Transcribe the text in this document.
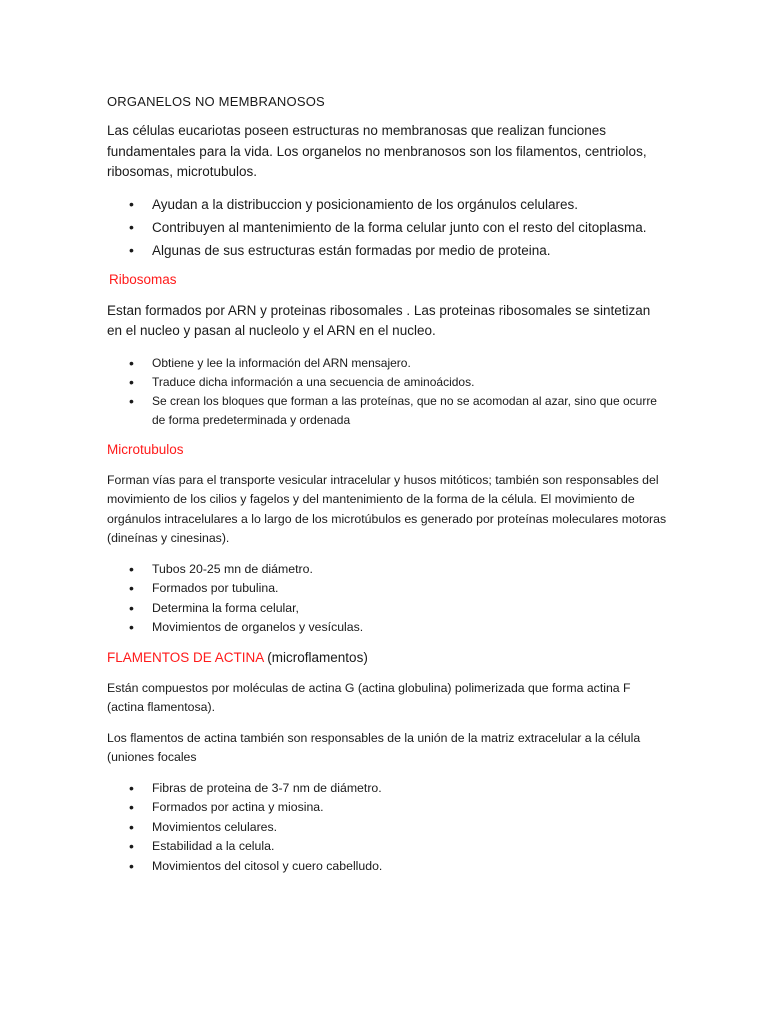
ORGANELOS NO MEMBRANOSOS

Las células eucariotas poseen estructuras no membranosas que realizan funciones fundamentales para la vida. Los organelos no menbranosos son los filamentos, centriolos, ribosomas, microtubulos.

• Ayudan a la distribuccion y posicionamiento de los orgánulos celulares.
• Contribuyen al mantenimiento de la forma celular junto con el resto del citoplasma.
• Algunas de sus estructuras están formadas por medio de proteina.

Ribosomas

Estan formados por ARN y proteinas ribosomales . Las proteinas ribosomales se sintetizan en el nucleo y pasan al nucleolo y el ARN en el nucleo.

• Obtiene y lee la información del ARN mensajero.
• Traduce dicha información a una secuencia de aminoácidos.
• Se crean los bloques que forman a las proteínas, que no se acomodan al azar, sino que ocurre de forma predeterminada y ordenada

Microtubulos

Forman vías para el transporte vesicular intracelular y husos mitóticos; también son responsables del movimiento de los cilios y fagelos y del mantenimiento de la forma de la célula. El movimiento de orgánulos intracelulares a lo largo de los microtúbulos es generado por proteínas moleculares motoras (dineínas y cinesinas).

• Tubos 20-25 mn de diámetro.
• Formados por tubulina.
• Determina la forma celular,
• Movimientos de organelos y vesículas.

FLAMENTOS DE ACTINA (microflamentos)

Están compuestos por moléculas de actina G (actina globulina) polimerizada que forma actina F (actina flamentosa).

Los flamentos de actina también son responsables de la unión de la matriz extracelular a la célula (uniones focales

• Fibras de proteina de 3-7 nm de diámetro.
• Formados por actina y miosina.
• Movimientos celulares.
• Estabilidad a la celula.
• Movimientos del citosol y cuero cabelludo.
